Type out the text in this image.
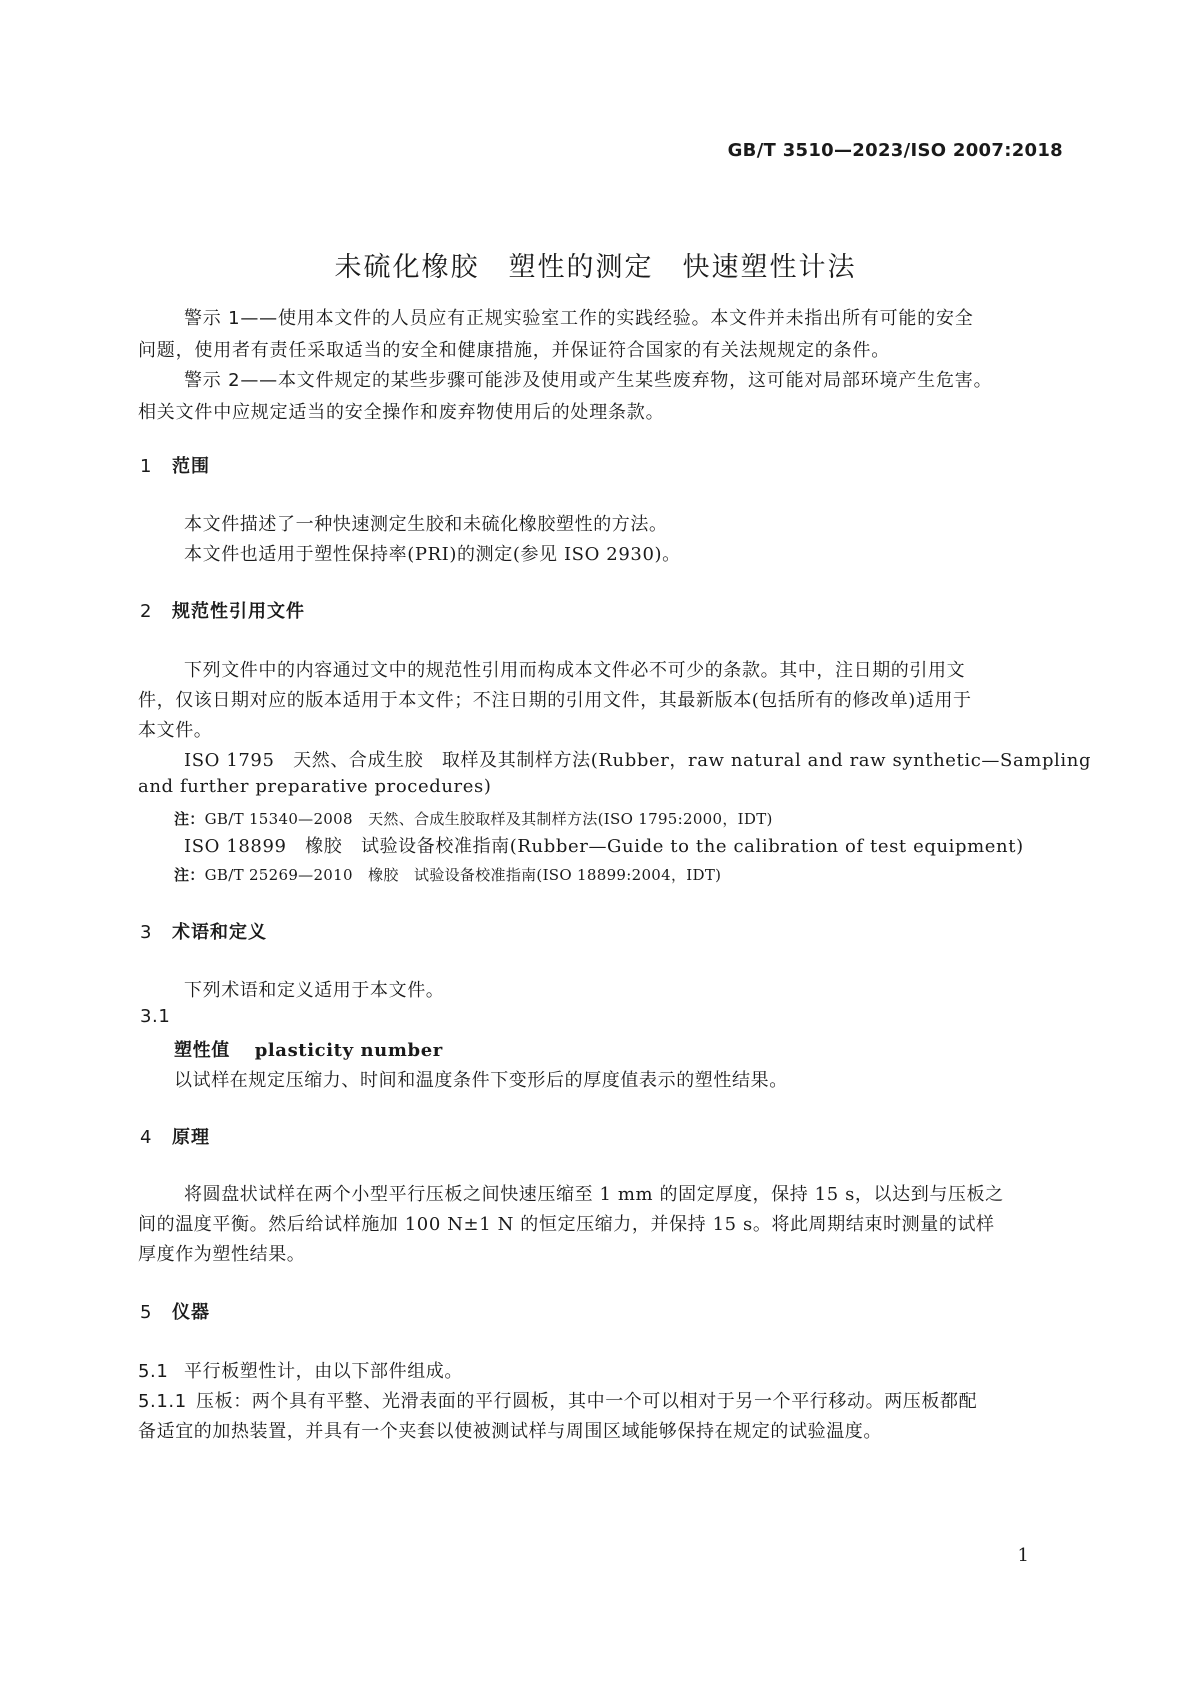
GB/T 3510—2023/ISO 2007:2018
未硫化橡胶　塑性的测定　快速塑性计法
警示 1——使用本文件的人员应有正规实验室工作的实践经验。本文件并未指出所有可能的安全
问题，使用者有责任采取适当的安全和健康措施，并保证符合国家的有关法规规定的条件。
警示 2——本文件规定的某些步骤可能涉及使用或产生某些废弃物，这可能对局部环境产生危害。
相关文件中应规定适当的安全操作和废弃物使用后的处理条款。
1 范围
本文件描述了一种快速测定生胶和未硫化橡胶塑性的方法。
本文件也适用于塑性保持率(PRI)的测定(参见 ISO 2930)。
2 规范性引用文件
下列文件中的内容通过文中的规范性引用而构成本文件必不可少的条款。其中，注日期的引用文
件，仅该日期对应的版本适用于本文件；不注日期的引用文件，其最新版本(包括所有的修改单)适用于
本文件。
ISO 1795　天然、合成生胶　取样及其制样方法(Rubber，raw natural and raw synthetic—Sampling
and further preparative procedures)
注：GB/T 15340—2008　天然、合成生胶取样及其制样方法(ISO 1795:2000，IDT)
ISO 18899　橡胶　试验设备校准指南(Rubber—Guide to the calibration of test equipment)
注：GB/T 25269—2010　橡胶　试验设备校准指南(ISO 18899:2004，IDT)
3 术语和定义
下列术语和定义适用于本文件。
3.1
塑性值 plasticity number
以试样在规定压缩力、时间和温度条件下变形后的厚度值表示的塑性结果。
4 原理
将圆盘状试样在两个小型平行压板之间快速压缩至 1 mm 的固定厚度，保持 15 s，以达到与压板之
间的温度平衡。然后给试样施加 100 N±1 N 的恒定压缩力，并保持 15 s。将此周期结束时测量的试样
厚度作为塑性结果。
5 仪器
5.1 平行板塑性计，由以下部件组成。
5.1.1 压板：两个具有平整、光滑表面的平行圆板，其中一个可以相对于另一个平行移动。两压板都配
备适宜的加热装置，并具有一个夹套以使被测试样与周围区域能够保持在规定的试验温度。
1
